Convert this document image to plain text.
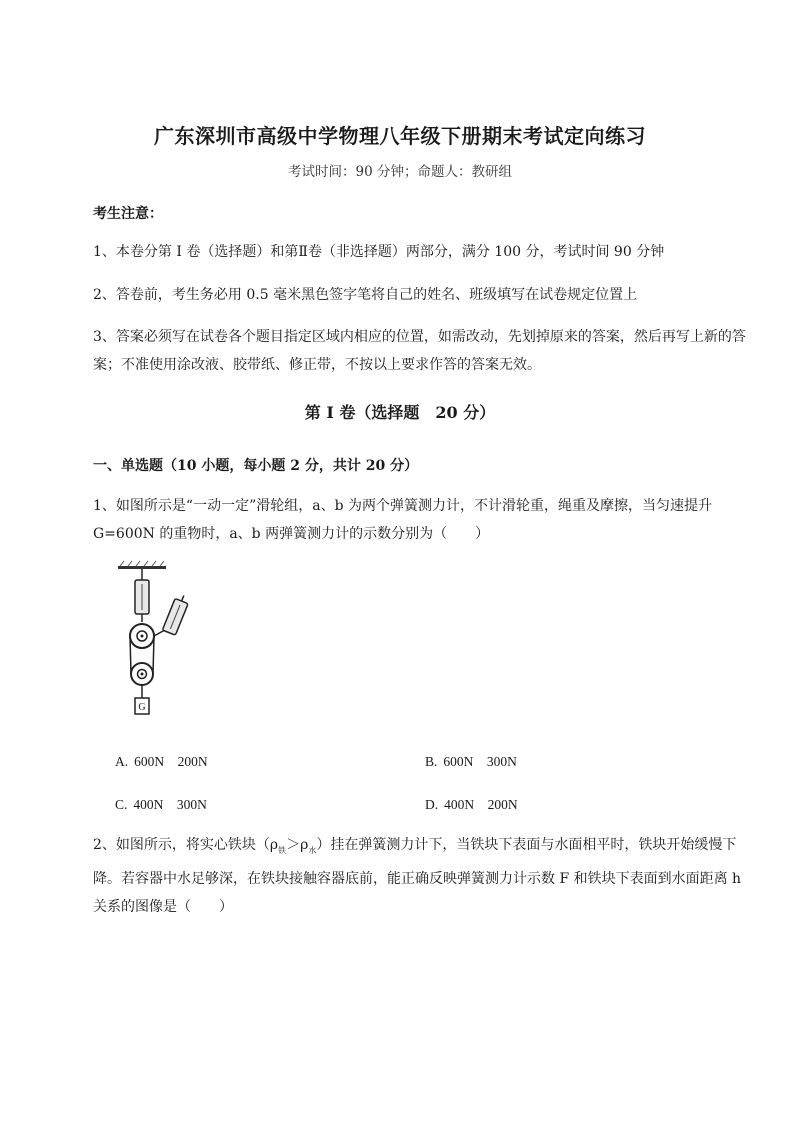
广东深圳市高级中学物理八年级下册期末考试定向练习
考试时间：90 分钟；命题人：教研组
考生注意：
1、本卷分第 I 卷（选择题）和第Ⅱ卷（非选择题）两部分，满分 100 分，考试时间 90 分钟
2、答卷前，考生务必用 0.5 毫米黑色签字笔将自己的姓名、班级填写在试卷规定位置上
3、答案必须写在试卷各个题目指定区域内相应的位置，如需改动，先划掉原来的答案，然后再写上新的答案；不准使用涂改液、胶带纸、修正带，不按以上要求作答的答案无效。
第 I 卷（选择题　20 分）
一、单选题（10 小题，每小题 2 分，共计 20 分）
1、如图所示是“一动一定”滑轮组，a、b 为两个弹簧测力计，不计滑轮重，绳重及摩擦，当匀速提升 G=600N 的重物时，a、b 两弹簧测力计的示数分别为（　　）
G
A. 600N　200N	B. 600N　300N
C. 400N　300N	D. 400N　200N
2、如图所示，将实心铁块$(\rho_铁>\rho_水)$挂在弹簧测力计下，当铁块下表面与水面相平时，铁块开始缓慢下降。若容器中水足够深，在铁块接触容器底前，能正确反映弹簧测力计示数 F 和铁块下表面到水面距离 h 关系的图像是（　　）
